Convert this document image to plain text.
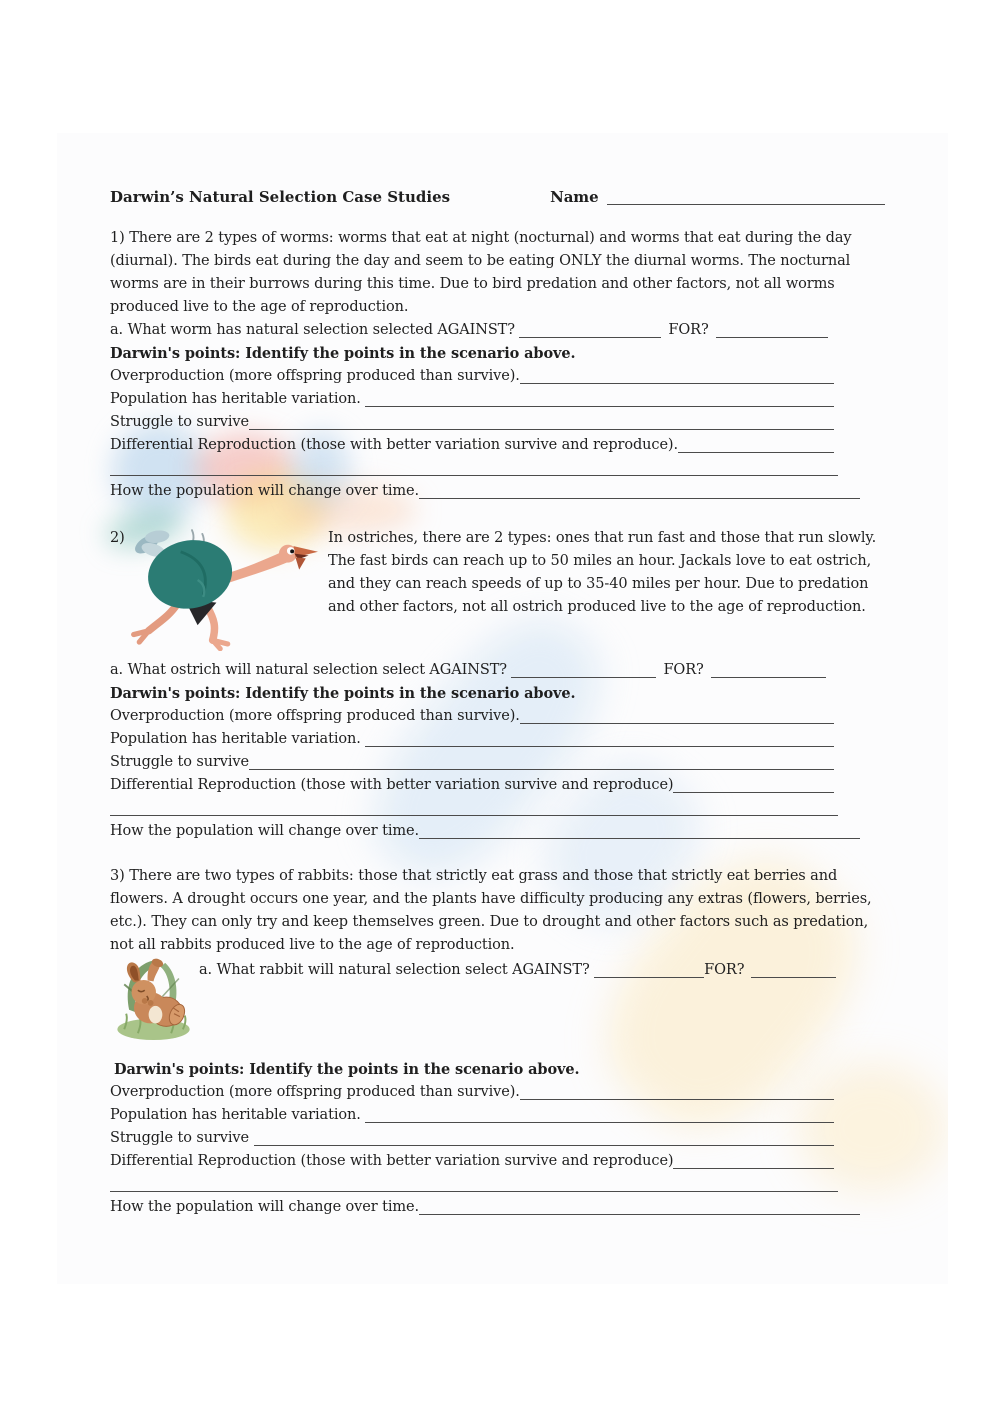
Darwin’s Natural Selection Case Studies	Name

1) There are 2 types of worms: worms that eat at night (nocturnal) and worms that eat during the day (diurnal). The birds eat during the day and seem to be eating ONLY the diurnal worms. The nocturnal worms are in their burrows during this time. Due to bird predation and other factors, not all worms produced live to the age of reproduction.

a. What worm has natural selection selected AGAINST?	FOR?
Darwin's points: Identify the points in the scenario above.
Overproduction (more offspring produced than survive).
Population has heritable variation.
Struggle to survive
Differential Reproduction (those with better variation survive and reproduce).
How the population will change over time.
2)	In ostriches, there are 2 types: ones that run fast and those that run slowly. The fast birds can reach up to 50 miles an hour. Jackals love to eat ostrich, and they can reach speeds of up to 35-40 miles per hour. Due to predation and other factors, not all ostrich produced live to the age of reproduction.

a. What ostrich will natural selection select AGAINST?	FOR?
Darwin's points: Identify the points in the scenario above.
Overproduction (more offspring produced than survive).
Population has heritable variation.
Struggle to survive
Differential Reproduction (those with better variation survive and reproduce)
How the population will change over time.

3) There are two types of rabbits: those that strictly eat grass and those that strictly eat berries and flowers. A drought occurs one year, and the plants have difficulty producing any extras (flowers, berries, etc.). They can only try and keep themselves green. Due to drought and other factors such as predation, not all rabbits produced live to the age of reproduction.

a. What rabbit will natural selection select AGAINST?	FOR?
Darwin's points: Identify the points in the scenario above.
Overproduction (more offspring produced than survive).
Population has heritable variation.
Struggle to survive
Differential Reproduction (those with better variation survive and reproduce)
How the population will change over time.
